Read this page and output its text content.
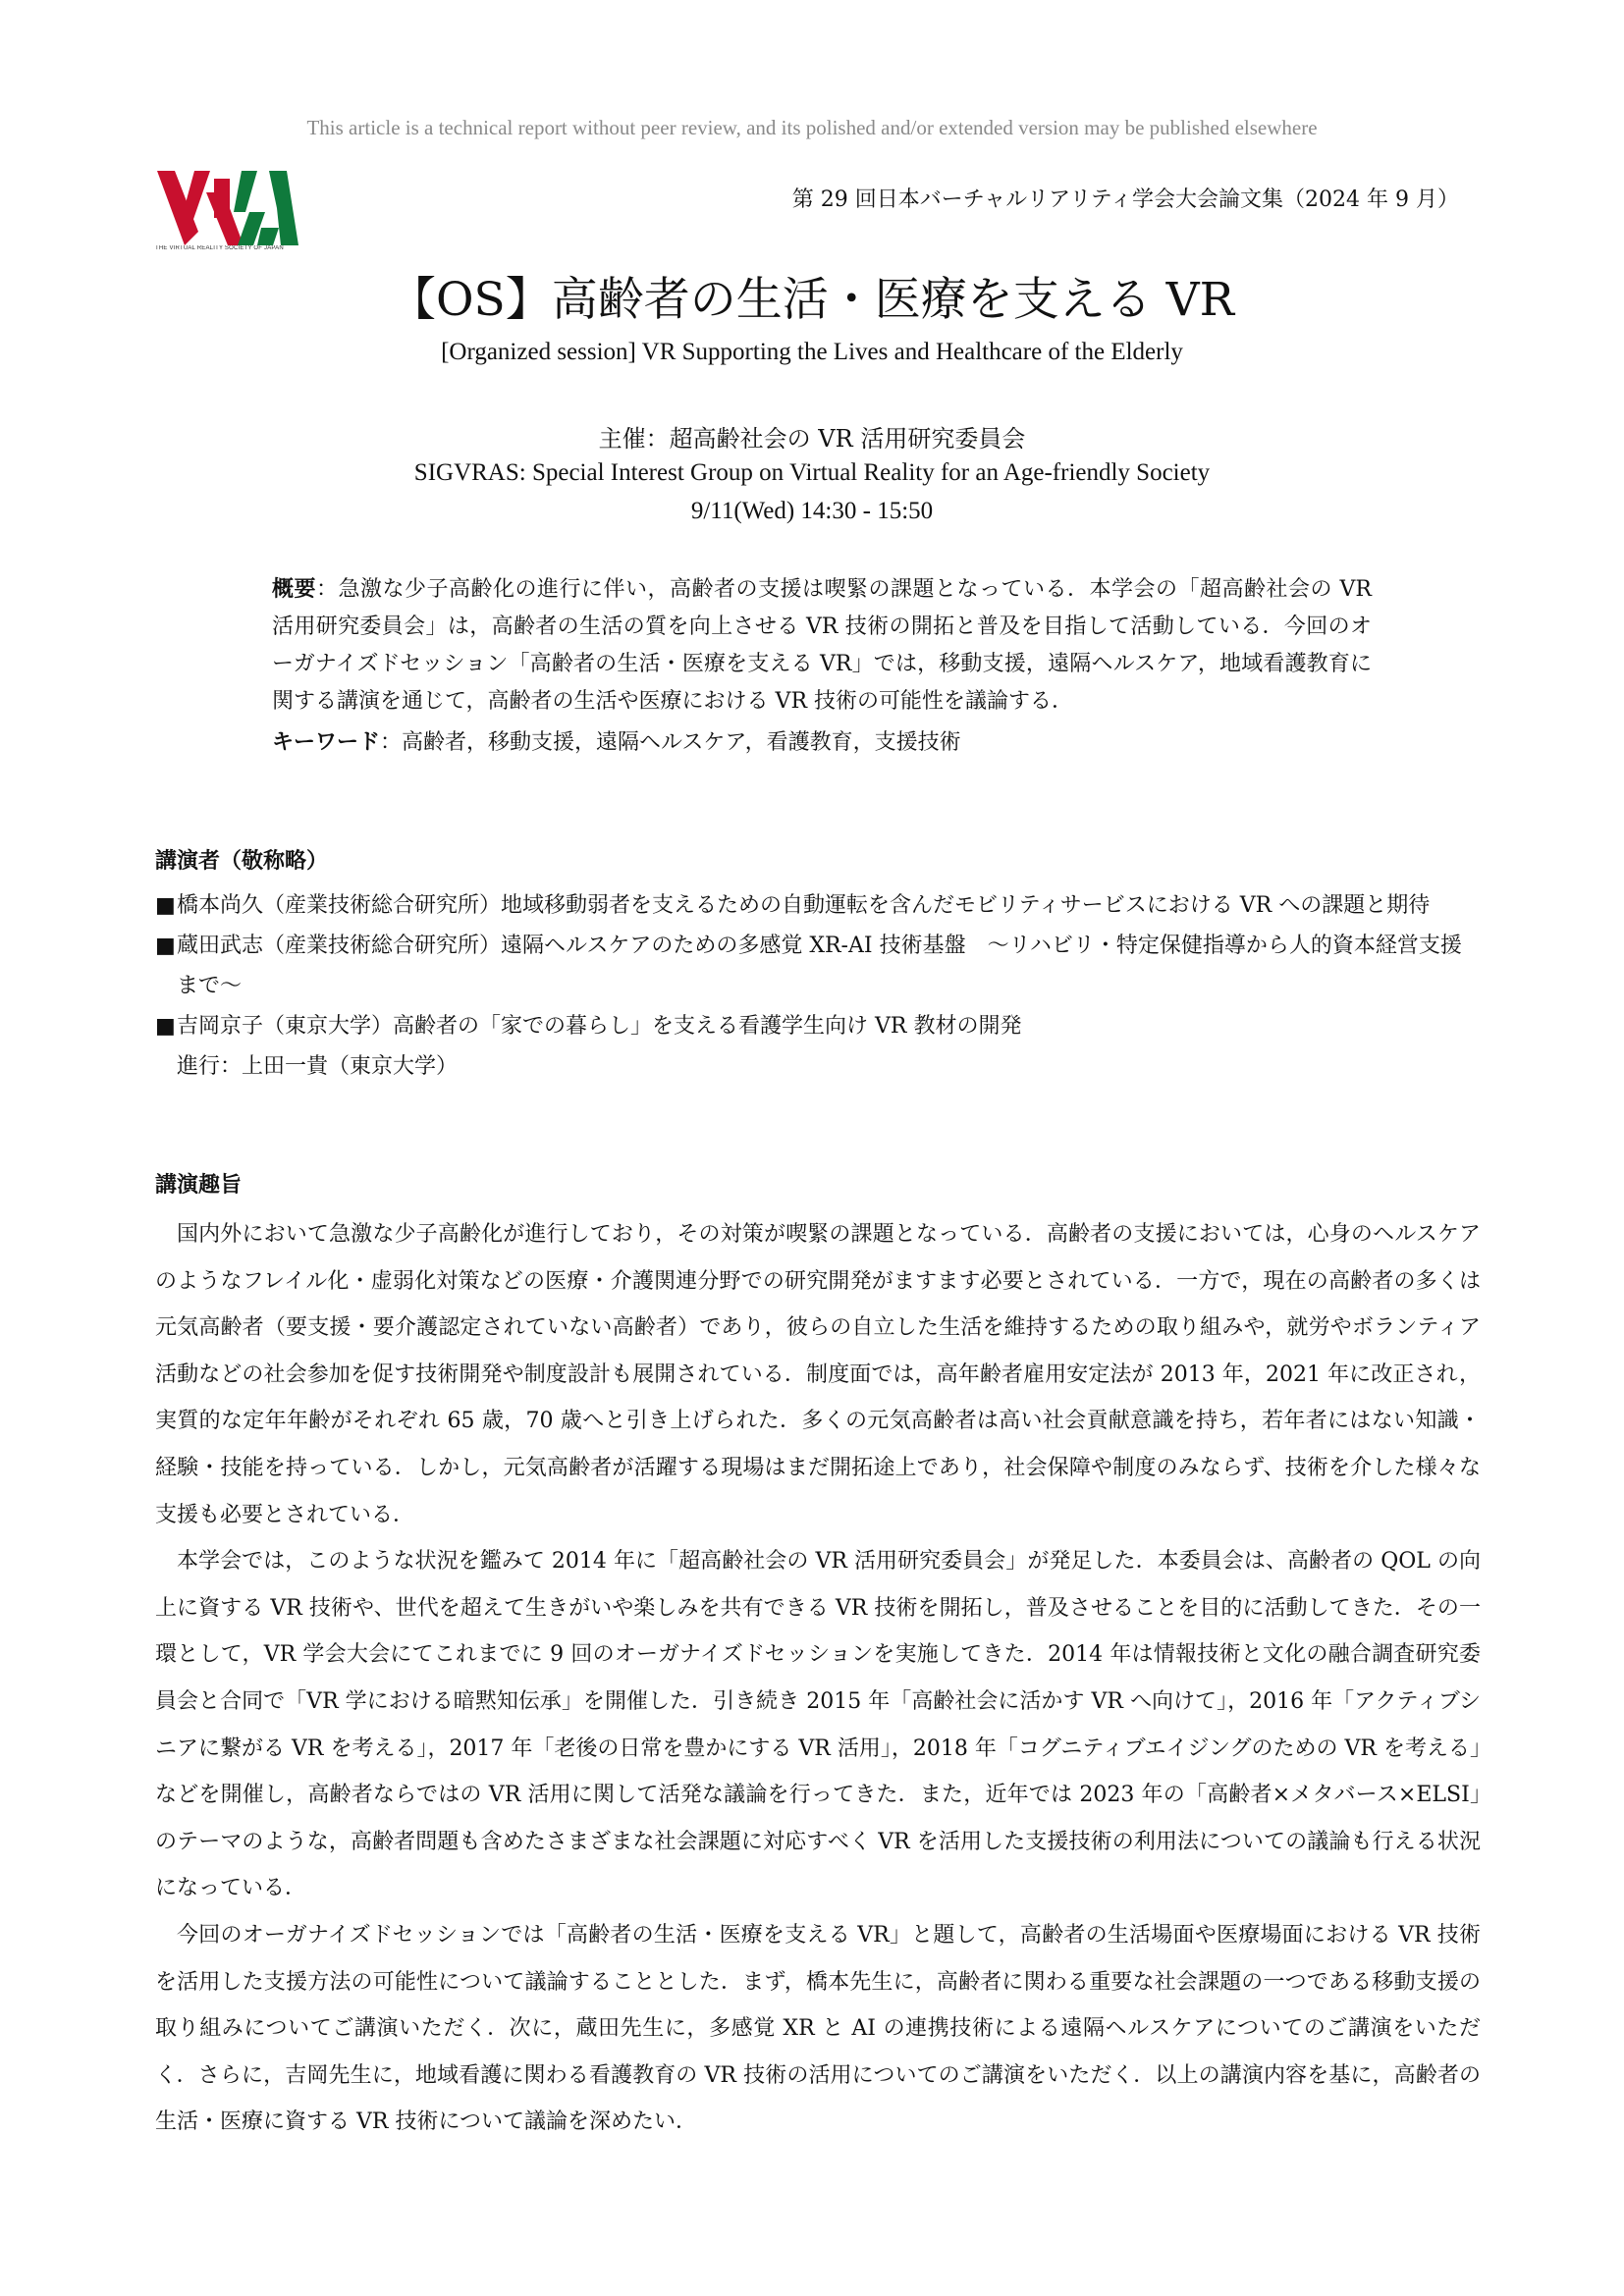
This article is a technical report without peer review, and its polished and/or extended version may be published elsewhere
THE VIRTUAL REALITY SOCIETY OF JAPAN
第 29 回日本バーチャルリアリティ学会大会論文集（2024 年 9 月）
【OS】高齢者の生活・医療を支える VR
[Organized session] VR Supporting the Lives and Healthcare of the Elderly
主催：超高齢社会の VR 活用研究委員会
SIGVRAS: Special Interest Group on Virtual Reality for an Age-friendly Society
9/11(Wed) 14:30 - 15:50

概要：急激な少子高齢化の進行に伴い，高齢者の支援は喫緊の課題となっている．本学会の「超高齢社会の VR 活用研究委員会」は，高齢者の生活の質を向上させる VR 技術の開拓と普及を目指して活動している．今回のオーガナイズドセッション「高齢者の生活・医療を支える VR」では，移動支援，遠隔ヘルスケア，地域看護教育に関する講演を通じて，高齢者の生活や医療における VR 技術の可能性を議論する．

キーワード：高齢者，移動支援，遠隔ヘルスケア，看護教育，支援技術

講演者（敬称略）
■ 橋本尚久（産業技術総合研究所）地域移動弱者を支えるための自動運転を含んだモビリティサービスにおける VR への課題と期待
■ 蔵田武志（産業技術総合研究所）遠隔ヘルスケアのための多感覚 XR-AI 技術基盤　～リハビリ・特定保健指導から人的資本経営支援まで～
■ 吉岡京子（東京大学）高齢者の「家での暮らし」を支える看護学生向け VR 教材の開発
進行：上田一貴（東京大学）
講演趣旨

国内外において急激な少子高齢化が進行しており，その対策が喫緊の課題となっている．高齢者の支援においては，心身のヘルスケアのようなフレイル化・虚弱化対策などの医療・介護関連分野での研究開発がますます必要とされている．一方で，現在の高齢者の多くは元気高齢者（要支援・要介護認定されていない高齢者）であり，彼らの自立した生活を維持するための取り組みや，就労やボランティア活動などの社会参加を促す技術開発や制度設計も展開されている．制度面では，高年齢者雇用安定法が 2013 年，2021 年に改正され，実質的な定年年齢がそれぞれ 65 歳，70 歳へと引き上げられた．多くの元気高齢者は高い社会貢献意識を持ち，若年者にはない知識・経験・技能を持っている．しかし，元気高齢者が活躍する現場はまだ開拓途上であり，社会保障や制度のみならず、技術を介した様々な支援も必要とされている．

本学会では，このような状況を鑑みて 2014 年に「超高齢社会の VR 活用研究委員会」が発足した．本委員会は、高齢者の QOL の向上に資する VR 技術や、世代を超えて生きがいや楽しみを共有できる VR 技術を開拓し，普及させることを目的に活動してきた．その一環として，VR 学会大会にてこれまでに 9 回のオーガナイズドセッションを実施してきた．2014 年は情報技術と文化の融合調査研究委員会と合同で「VR 学における暗黙知伝承」を開催した．引き続き 2015 年「高齢社会に活かす VR へ向けて」，2016 年「アクティブシニアに繋がる VR を考える」，2017 年「老後の日常を豊かにする VR 活用」，2018 年「コグニティブエイジングのための VR を考える」などを開催し，高齢者ならではの VR 活用に関して活発な議論を行ってきた．また，近年では 2023 年の「高齢者×メタバース×ELSI」のテーマのような，高齢者問題も含めたさまざまな社会課題に対応すべく VR を活用した支援技術の利用法についての議論も行える状況になっている．

今回のオーガナイズドセッションでは「高齢者の生活・医療を支える VR」と題して，高齢者の生活場面や医療場面における VR 技術を活用した支援方法の可能性について議論することとした．まず，橋本先生に，高齢者に関わる重要な社会課題の一つである移動支援の取り組みについてご講演いただく．次に，蔵田先生に，多感覚 XR と AI の連携技術による遠隔ヘルスケアについてのご講演をいただく．さらに，吉岡先生に，地域看護に関わる看護教育の VR 技術の活用についてのご講演をいただく．以上の講演内容を基に，高齢者の生活・医療に資する VR 技術について議論を深めたい．
